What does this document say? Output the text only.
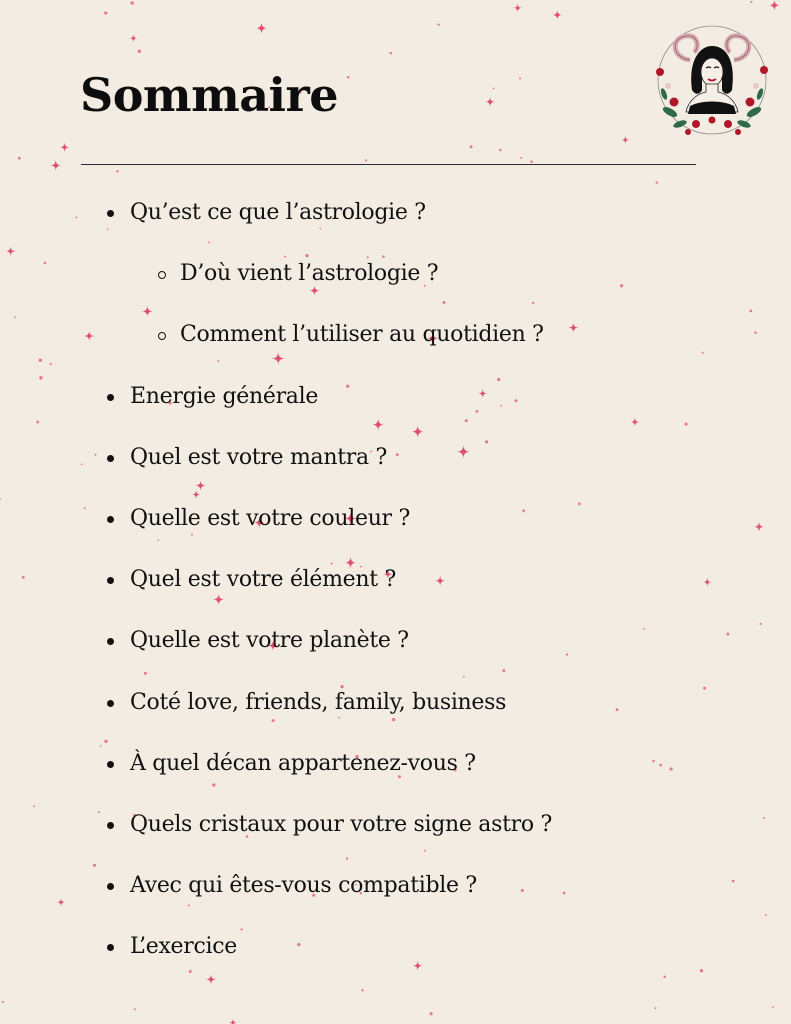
Sommaire
Qu’est ce que l’astrologie ?
D’où vient l’astrologie ?
Comment l’utiliser au quotidien ?
Energie générale
Quel est votre mantra ?
Quelle est votre couleur ?
Quel est votre élément ?
Quelle est votre planète ?
Coté love, friends, family, business
À quel décan appartenez-vous ?
Quels cristaux pour votre signe astro ?
Avec qui êtes-vous compatible ?
L’exercice
